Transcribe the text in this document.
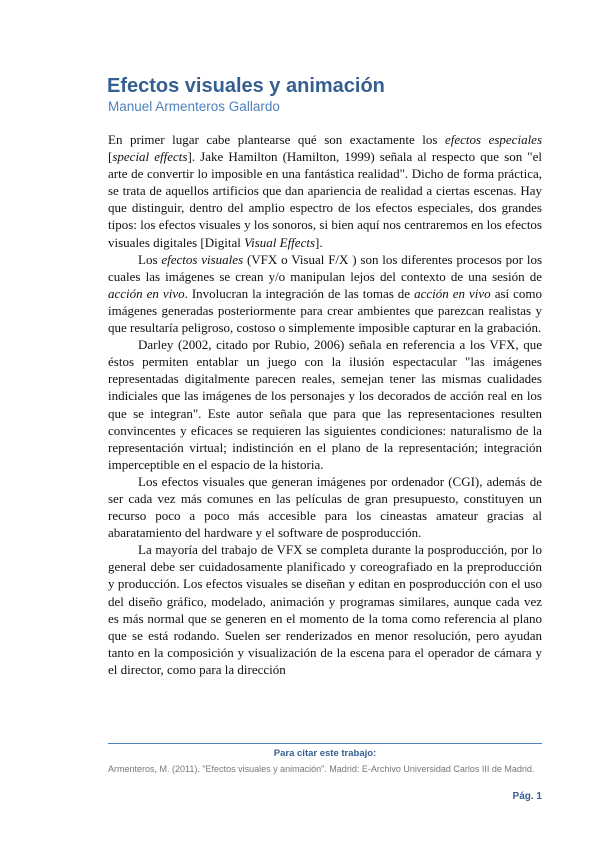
Efectos visuales y animación

Manuel Armenteros Gallardo

En primer lugar cabe plantearse qué son exactamente los efectos especiales [special effects]. Jake Hamilton (Hamilton, 1999) señala al respecto que son "el arte de convertir lo imposible en una fantástica realidad". Dicho de forma práctica, se trata de aquellos artificios que dan apariencia de realidad a ciertas escenas. Hay que distinguir, dentro del amplio espectro de los efectos especiales, dos grandes tipos: los efectos visuales y los sonoros, si bien aquí nos centraremos en los efectos visuales digitales [Digital Visual Effects].

Los efectos visuales (VFX o Visual F/X ) son los diferentes procesos por los cuales las imágenes se crean y/o manipulan lejos del contexto de una sesión de acción en vivo. Involucran la integración de las tomas de acción en vivo así como imágenes generadas posteriormente para crear ambientes que parezcan realistas y que resultaría peligroso, costoso o simplemente imposible capturar en la grabación.

Darley (2002, citado por Rubio, 2006) señala en referencia a los VFX, que éstos permiten entablar un juego con la ilusión espectacular "las imágenes representadas digitalmente parecen reales, semejan tener las mismas cualidades indiciales que las imágenes de los personajes y los decorados de acción real en los que se integran". Este autor señala que para que las representaciones resulten convincentes y eficaces se requieren las siguientes condiciones: naturalismo de la representación virtual; indistinción en el plano de la representación; integración imperceptible en el espacio de la historia.

Los efectos visuales que generan imágenes por ordenador (CGI), además de ser cada vez más comunes en las películas de gran presupuesto, constituyen un recurso poco a poco más accesible para los cineastas amateur gracias al abaratamiento del hardware y el software de posproducción.

La mayoría del trabajo de VFX se completa durante la posproducción, por lo general debe ser cuidadosamente planificado y coreografiado en la preproducción y producción. Los efectos visuales se diseñan y editan en posproducción con el uso del diseño gráfico, modelado, animación y programas similares, aunque cada vez es más normal que se generen en el momento de la toma como referencia al plano que se está rodando. Suelen ser renderizados en menor resolución, pero ayudan tanto en la composición y visualización de la escena para el operador de cámara y el director, como para la dirección

Para citar este trabajo:

Armenteros, M. (2011). "Efectos visuales y animación". Madrid: E-Archivo Universidad Carlos III de Madrid.

Pág. 1
